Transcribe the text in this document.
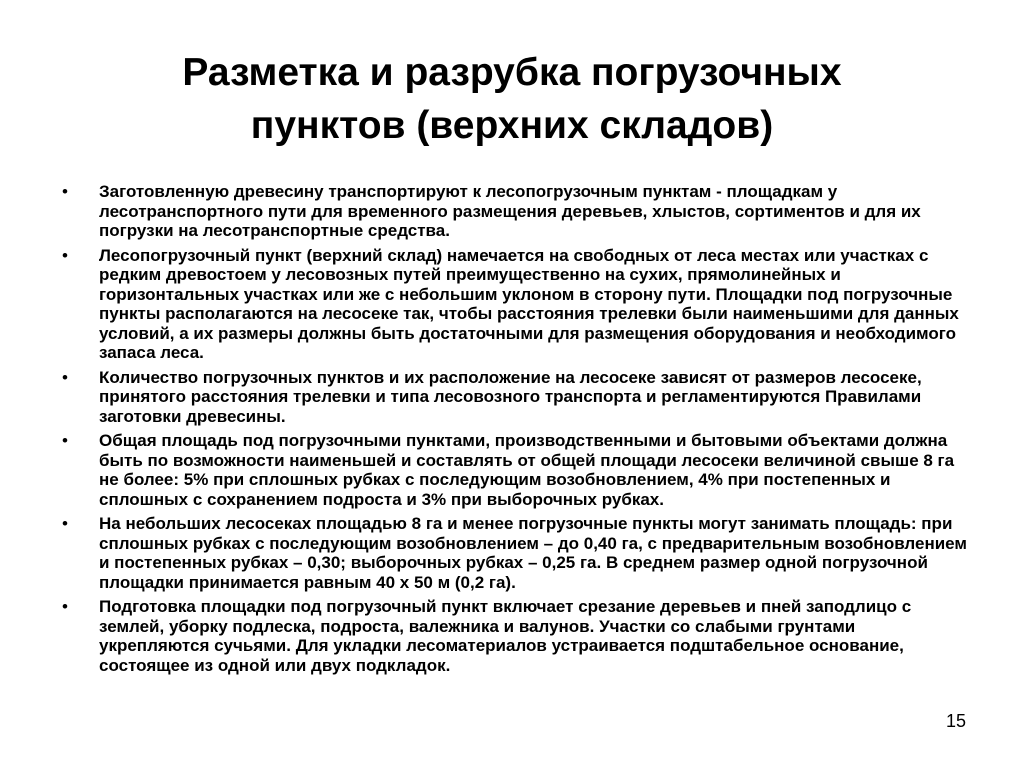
Разметка и разрубка погрузочных пунктов (верхних складов)
•	Заготовленную древесину транспортируют к лесопогрузочным пунктам - площадкам у лесотранспортного пути для временного размещения деревьев, хлыстов, сортиментов и для их погрузки на лесотранспортные средства.
•	Лесопогрузочный пункт (верхний склад) намечается на свободных от леса местах или участках с редким древостоем у лесовозных путей преимущественно на сухих, прямолинейных и горизонтальных участках или же с небольшим уклоном в сторону пути. Площадки под погрузочные пункты располагаются на лесосеке так, чтобы расстояния трелевки были наименьшими для данных условий, а их размеры должны быть достаточными для размещения оборудования и необходимого запаса леса.
•	Количество погрузочных пунктов и их расположение на лесосеке зависят от размеров лесосеке, принятого расстояния трелевки и типа лесовозного транспорта и регламентируются Правилами заготовки древесины.
•	Общая площадь под погрузочными пунктами, производственными и бытовыми объектами должна быть по возможности наименьшей и составлять от общей площади лесосеки величиной свыше 8 га не более: 5% при сплошных рубках с последующим возобновлением, 4% при постепенных и сплошных с сохранением подроста и 3% при выборочных рубках.
•	На небольших лесосеках площадью 8 га и менее погрузочные пункты могут занимать площадь: при сплошных рубках с последующим возобновлением – до 0,40 га, с предварительным возобновлением и постепенных рубках – 0,30; выборочных рубках – 0,25 га. В среднем размер одной погрузочной площадки принимается равным 40 х 50 м (0,2 га).
•	Подготовка площадки под погрузочный пункт включает срезание деревьев и пней заподлицо с землей, уборку подлеска, подроста, валежника и валунов. Участки со слабыми грунтами укрепляются сучьями. Для укладки лесоматериалов устраивается подштабельное основание, состоящее из одной или двух подкладок.
15
